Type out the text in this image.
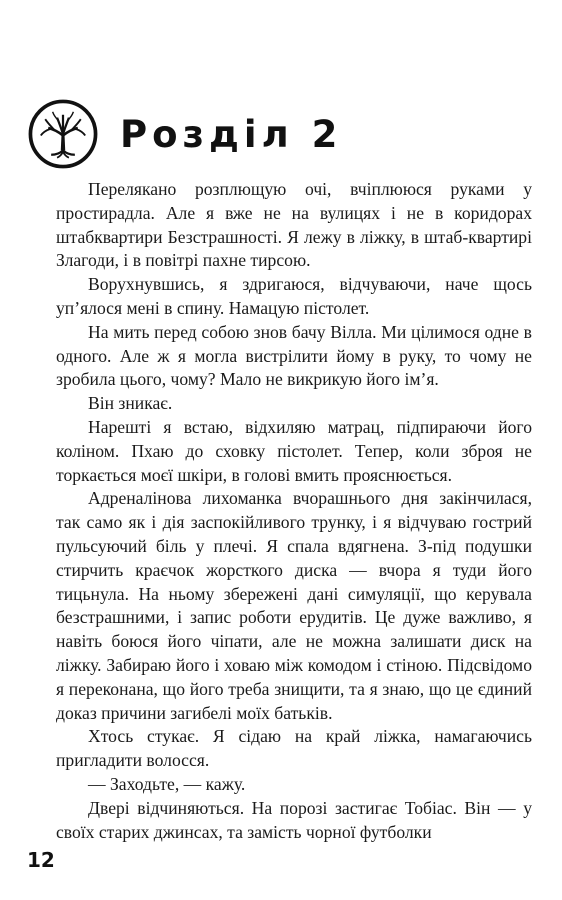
Розділ 2

Перелякано розплющую очі, вчіплююся руками у простирадла. Але я вже не на вулицях і не в коридорах штабквартири Безстрашності. Я лежу в ліжку, в штаб-квартирі Злагоди, і в повітрі пахне тирсою.

Ворухнувшись, я здригаюся, відчуваючи, наче щось уп’ялося мені в спину. Намацую пістолет.

На мить перед собою знов бачу Вілла. Ми цілимося одне в одного. Але ж я могла вистрілити йому в руку, то чому не зробила цього, чому? Мало не викрикую його ім’я.

Він зникає.

Нарешті я встаю, відхиляю матрац, підпираючи його коліном. Пхаю до сховку пістолет. Тепер, коли зброя не торкається моєї шкіри, в голові вмить прояснюється.

Адреналінова лихоманка вчорашнього дня закінчилася, так само як і дія заспокійливого трунку, і я відчуваю гострий пульсуючий біль у плечі. Я спала вдягнена. З-під подушки стирчить краєчок жорсткого диска — вчора я туди його тицьнула. На ньому збережені дані симуляції, що керувала безстрашними, і запис роботи ерудитів. Це дуже важливо, я навіть боюся його чіпати, але не можна залишати диск на ліжку. Забираю його і ховаю між комодом і стіною. Підсвідомо я переконана, що його треба знищити, та я знаю, що це єдиний доказ причини загибелі моїх батьків.

Хтось стукає. Я сідаю на край ліжка, намагаючись пригладити волосся.

— Заходьте, — кажу.

Двері відчиняються. На порозі застигає Тобіас. Він — у своїх старих джинсах, та замість чорної футболки

12
